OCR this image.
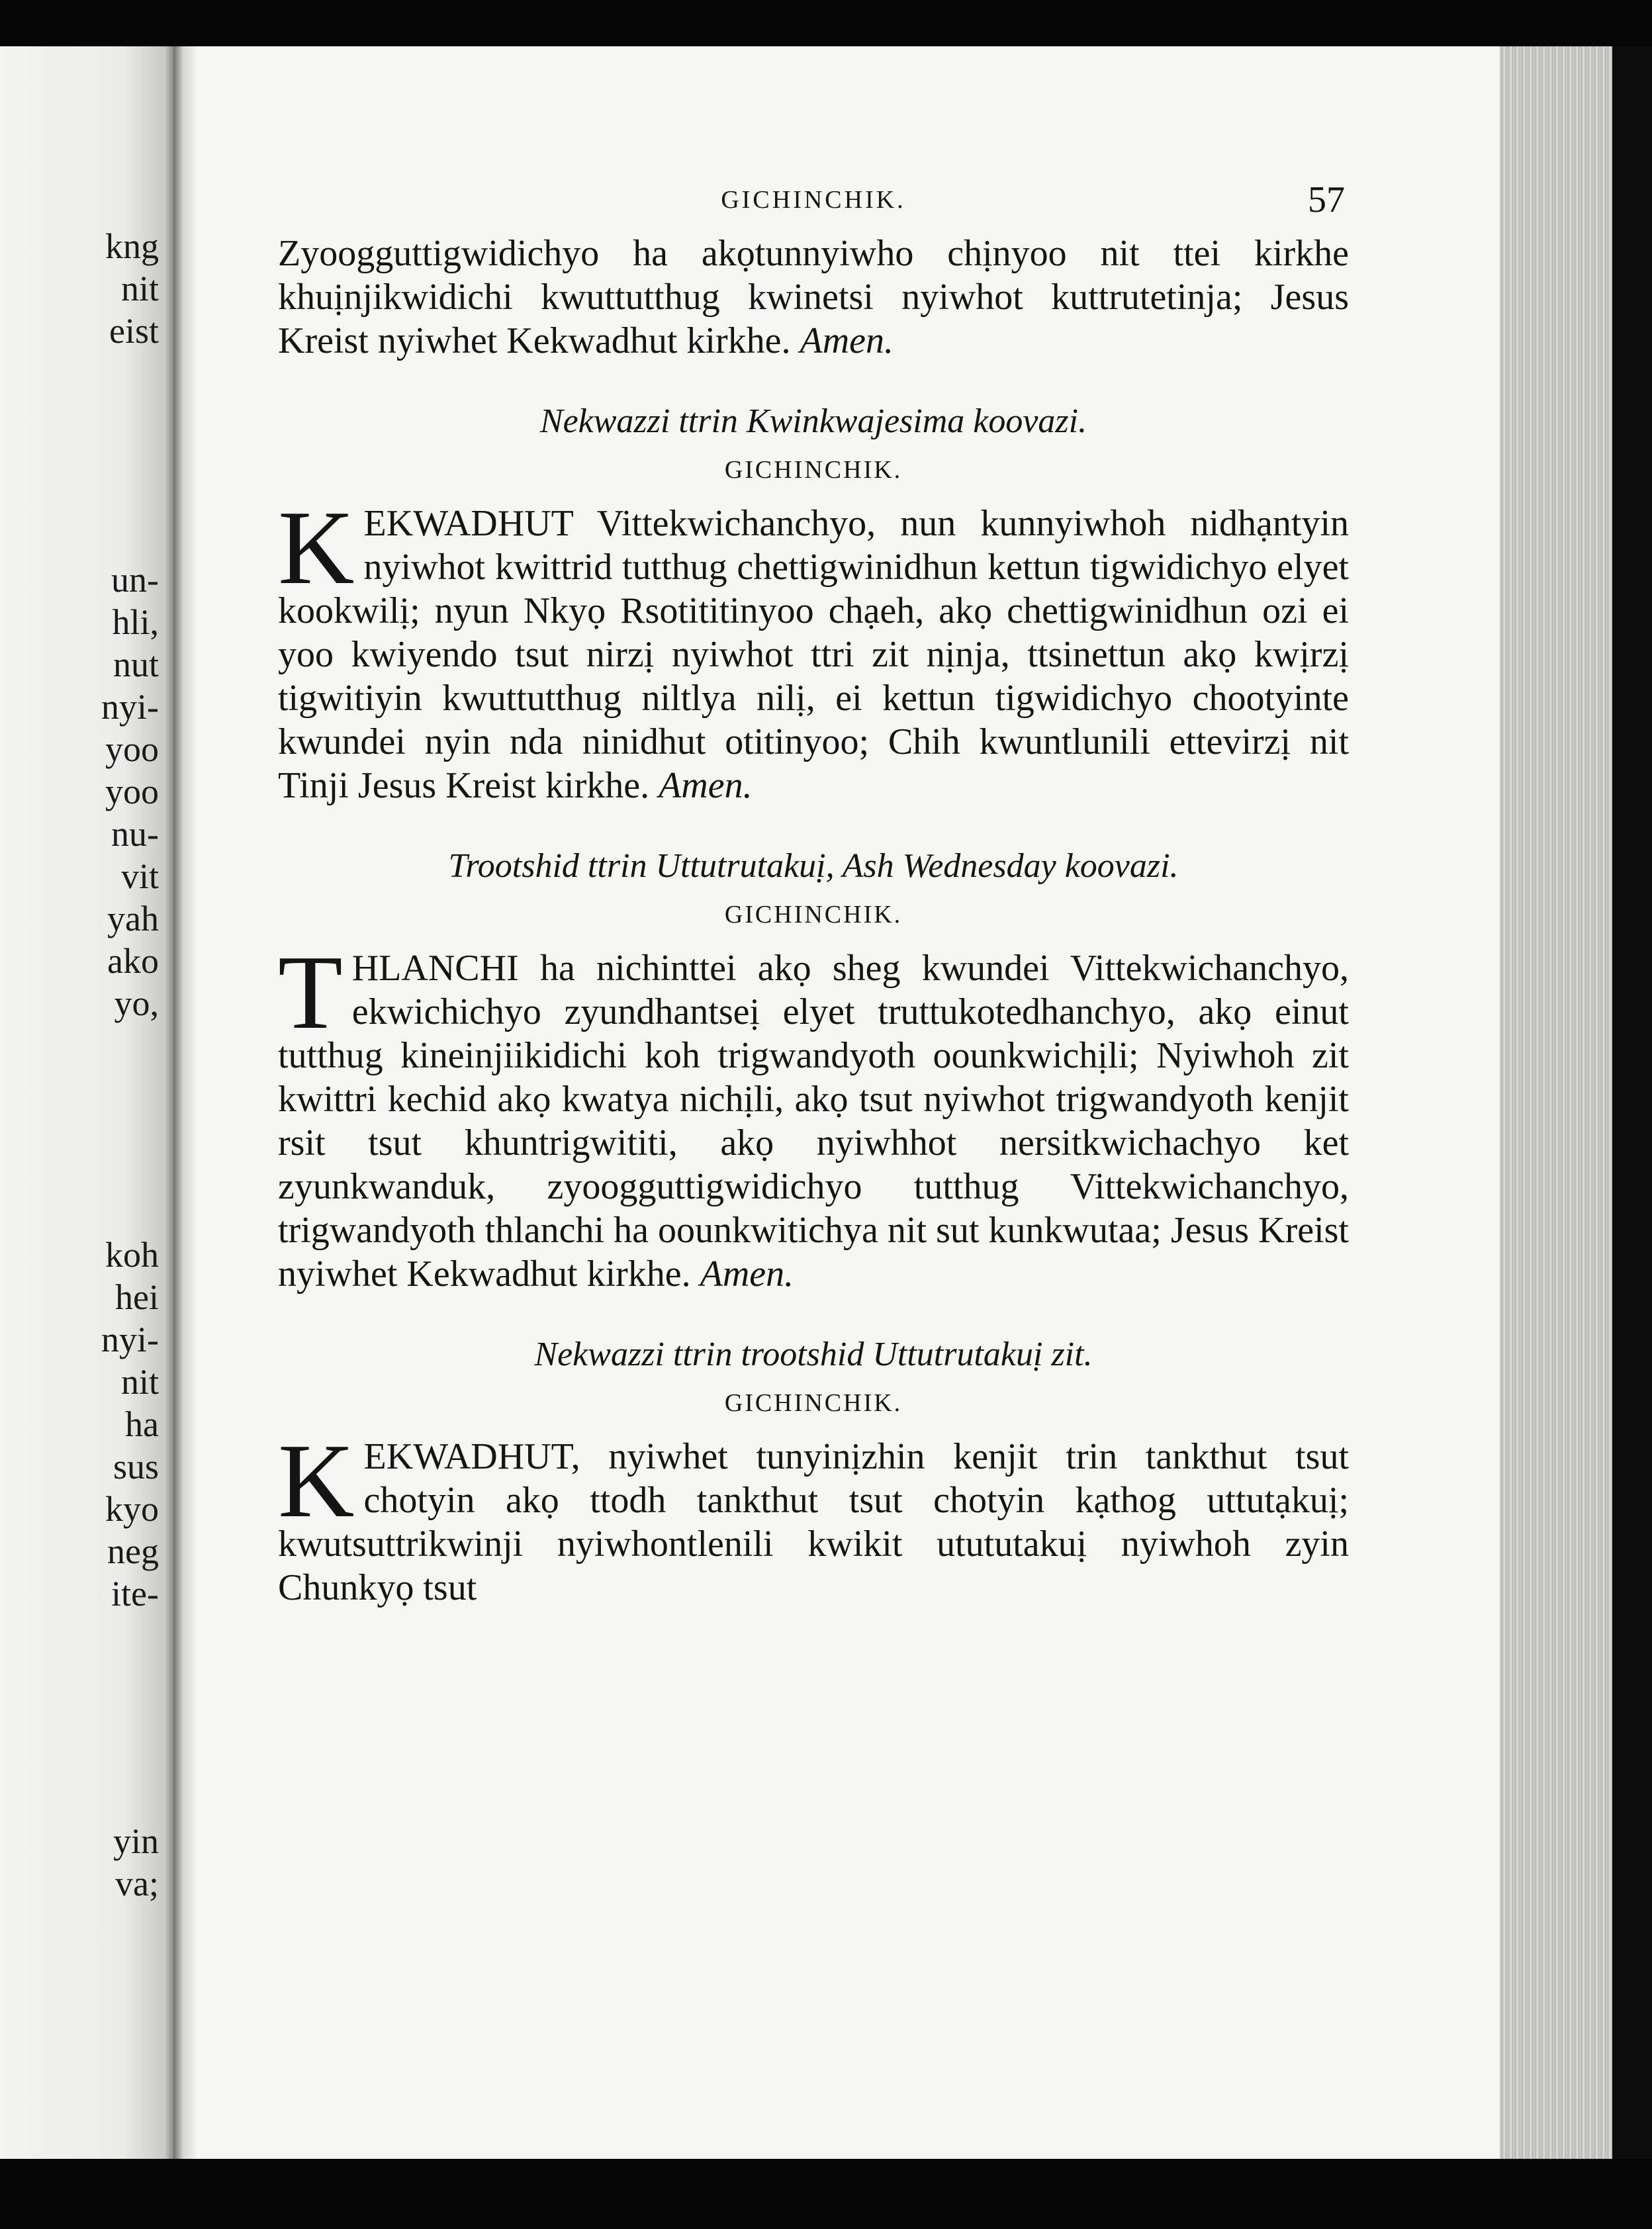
kng
nit
eist
un-
hli,
nut
nyi-
yoo
yoo
nu-
vit
yah
ako
yo,
koh
hei
nyi-
nit
ha
sus
kyo
neg
ite-
yin
va;
GICHINCHIK.	57

Zyoogguttigwidichyo ha akọtunnyiwho chịnyoo nit ttei kirkhe khuịnjikwidichi kwuttutthug kwinetsi nyiwhot kuttrutetinja; Jesus Kreist nyiwhet Kekwadhut kirkhe. Amen.

Nekwazzi ttrin Kwinkwajesima koovazi.
GICHINCHIK.

KEKWADHUT Vittekwichanchyo, nun kunnyiwhoh nidhạntyin nyiwhot kwittrid tutthug chettigwinidhun kettun tigwidichyo elyet kookwilị; nyun Nkyọ Rsotititinyoo chạeh, akọ chettigwinidhun ozi ei yoo kwiyendo tsut nirzị nyiwhot ttri zit nịnja, ttsinettun akọ kwịrzị tigwitiyin kwuttutthug niltlya nilị, ei kettun tigwidichyo chootyinte kwundei nyin nda ninidhut otitinyoo; Chih kwuntlunili ettevirzị nit Tinji Jesus Kreist kirkhe. Amen.

Trootshid ttrin Uttutrutakuị, Ash Wednesday koovazi.
GICHINCHIK.

THLANCHI ha nichinttei akọ sheg kwundei Vittekwichanchyo, ekwichichyo zyundhantseị elyet truttukotedhanchyo, akọ einut tutthug kineinjiikidichi koh trigwandyoth oounkwichịli; Nyiwhoh zit kwittri kechid akọ kwatya nichịli, akọ tsut nyiwhot trigwandyoth kenjit rsit tsut khuntrigwititi, akọ nyiwhhot nersitkwichachyo ket zyunkwanduk, zyoogguttigwidichyo tutthug Vittekwichanchyo, trigwandyoth thlanchi ha oounkwitichya nit sut kunkwutaa; Jesus Kreist nyiwhet Kekwadhut kirkhe. Amen.

Nekwazzi ttrin trootshid Uttutrutakuị zit.
GICHINCHIK.

KEKWADHUT, nyiwhet tunyinịzhin kenjit trin tankthut tsut chotyin akọ ttodh tankthut tsut chotyin kạthog uttutạkuị; kwutsuttrikwinji nyiwhontlenili kwikit utututakuị nyiwhoh zyin Chunkyọ tsut
